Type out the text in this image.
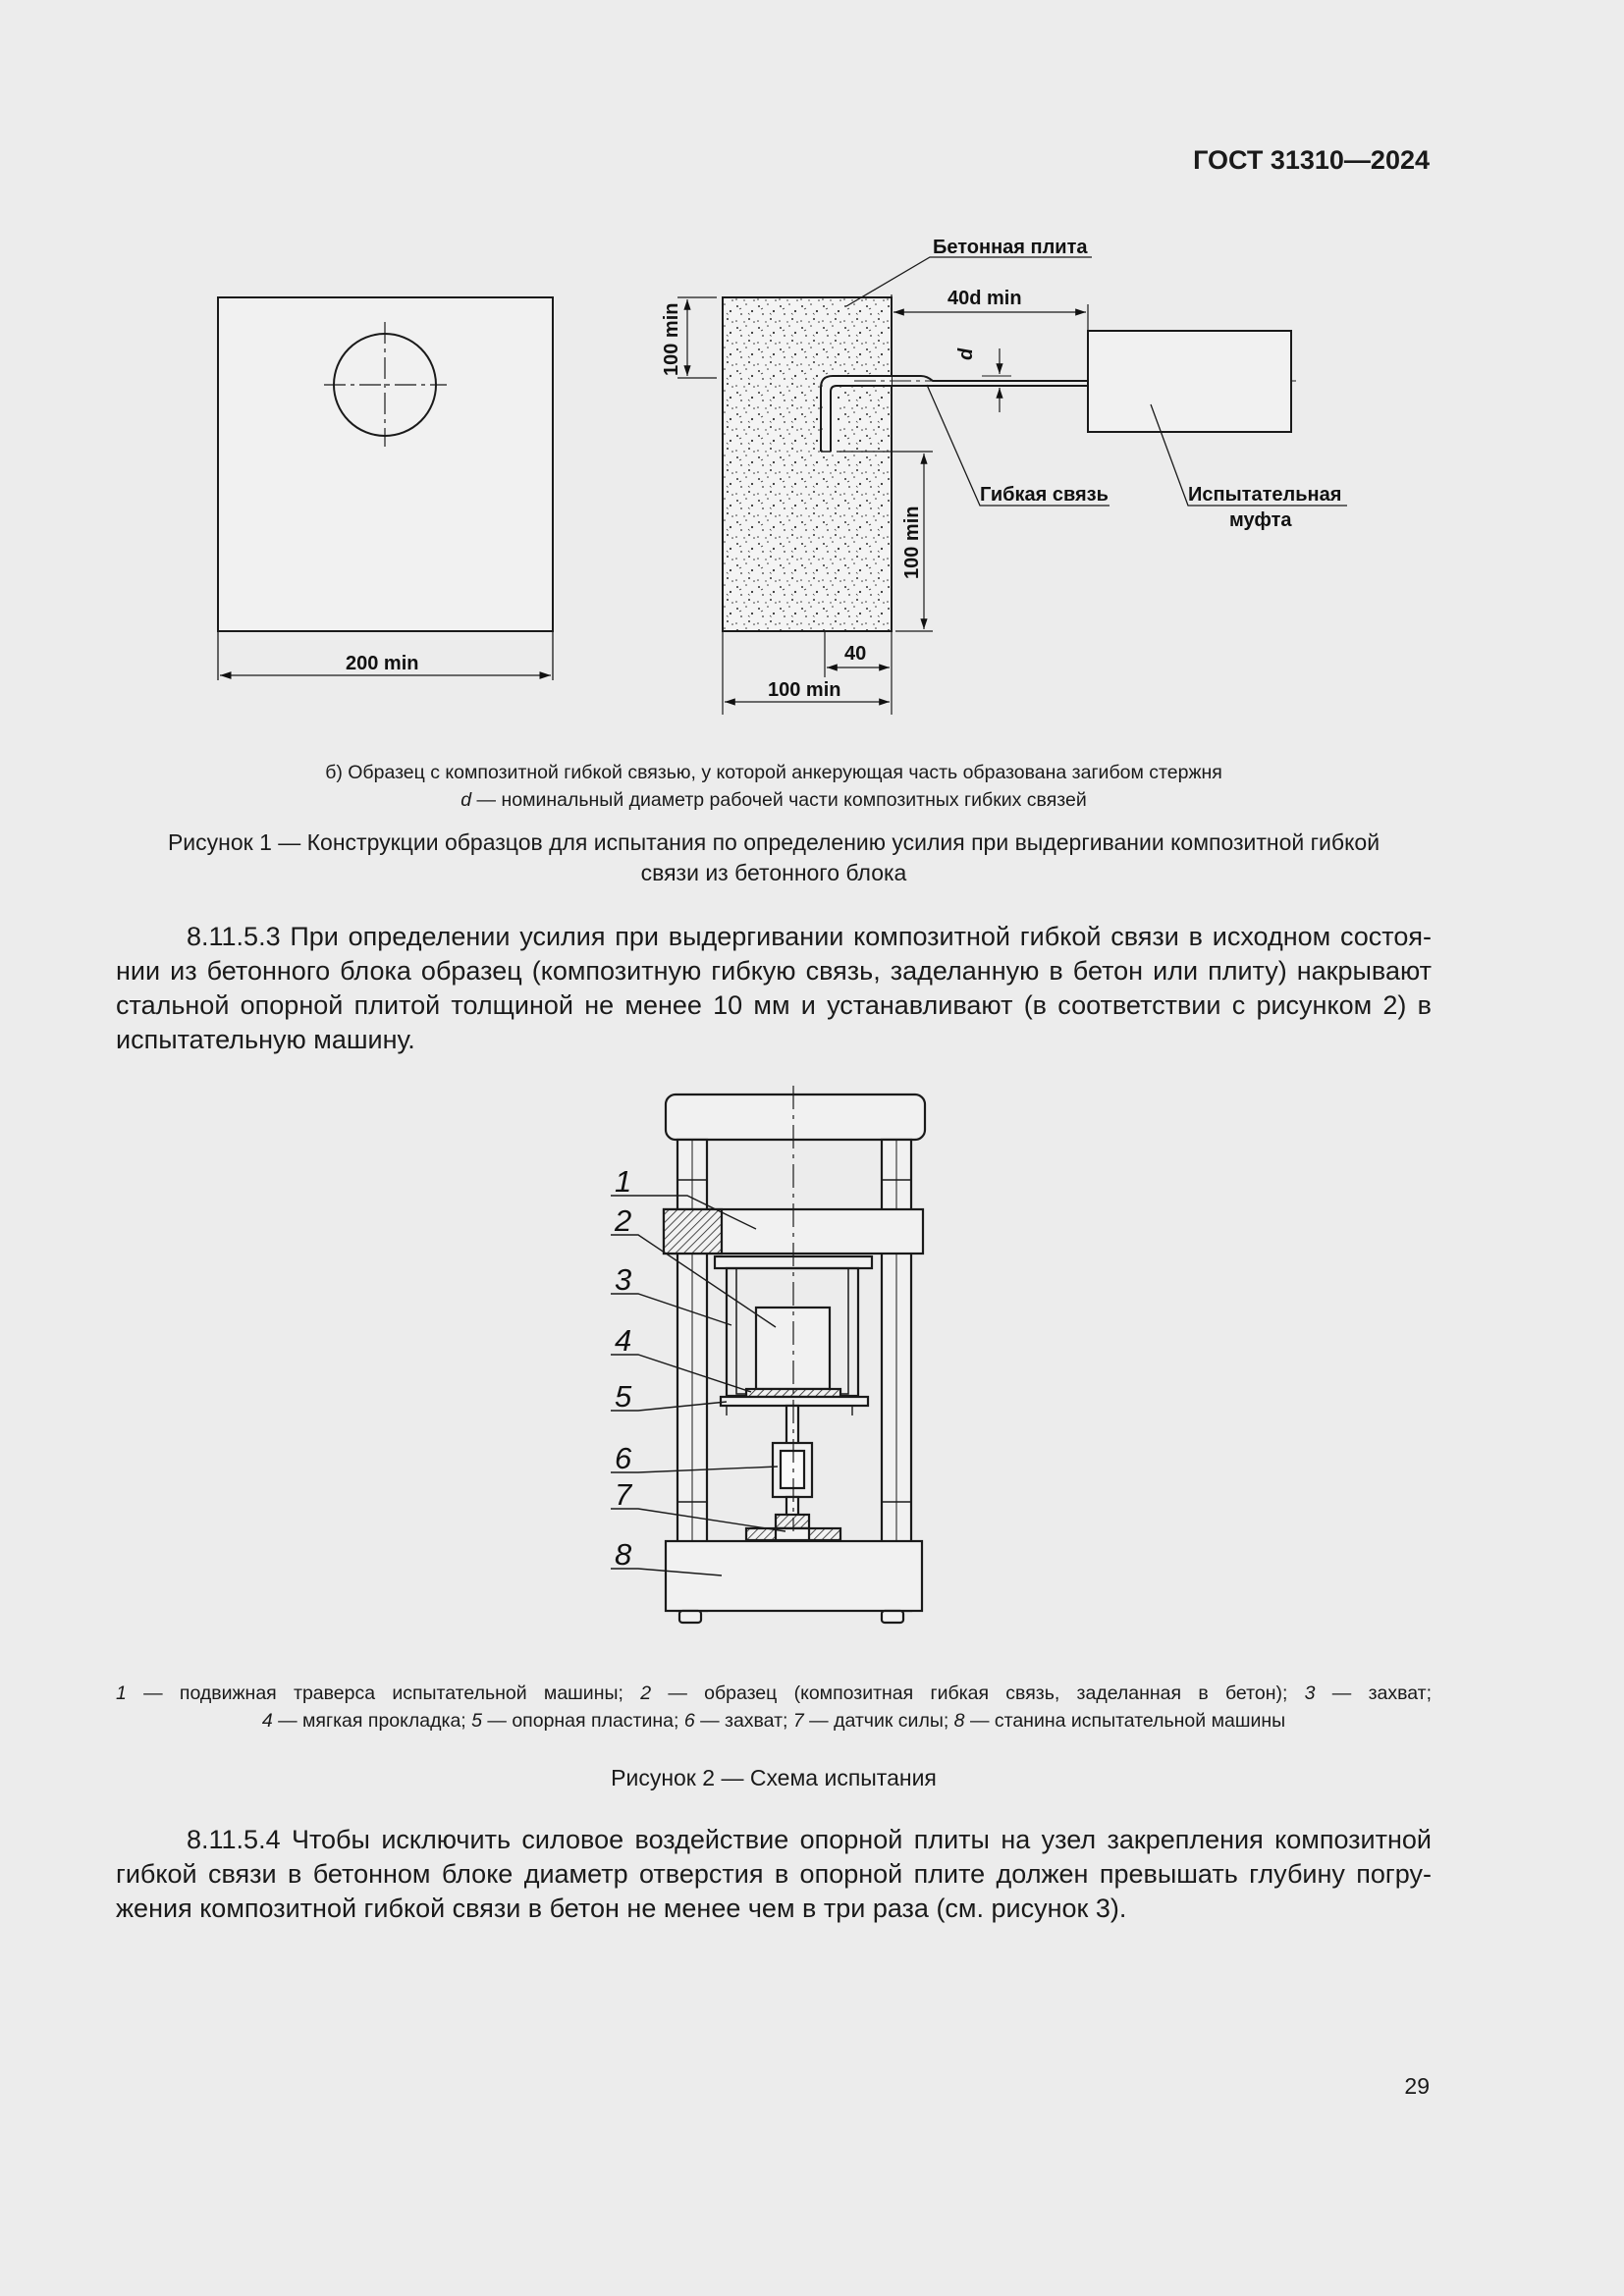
ГОСТ 31310—2024
Бетонная плита
40d min
d
100 min
100 min
Гибкая связь	Испытательная
муфта
200 min	40
100 min
б) Образец с композитной гибкой связью, у которой анкерующая часть образована загибом стержня
d — номинальный диаметр рабочей части композитных гибких связей
Рисунок 1 — Конструкции образцов для испытания по определению усилия при выдергивании композитной гибкой связи из бетонного блока
8.11.5.3 При определении усилия при выдергивании композитной гибкой связи в исходном состоянии из бетонного блока образец (композитную гибкую связь, заделанную в бетон или плиту) накрывают стальной опорной плитой толщиной не менее 10 мм и устанавливают (в соответствии с рисунком 2) в испытательную машину.
1
2
3
4
5
6
7
8
1 — подвижная траверса испытательной машины; 2 — образец (композитная гибкая связь, заделанная в бетон); 3 — захват;
4 — мягкая прокладка; 5 — опорная пластина; 6 — захват; 7 — датчик силы; 8 — станина испытательной машины
Рисунок 2 — Схема испытания
8.11.5.4 Чтобы исключить силовое воздействие опорной плиты на узел закрепления композитной гибкой связи в бетонном блоке диаметр отверстия в опорной плите должен превышать глубину погружения композитной гибкой связи в бетон не менее чем в три раза (см. рисунок 3).
29
